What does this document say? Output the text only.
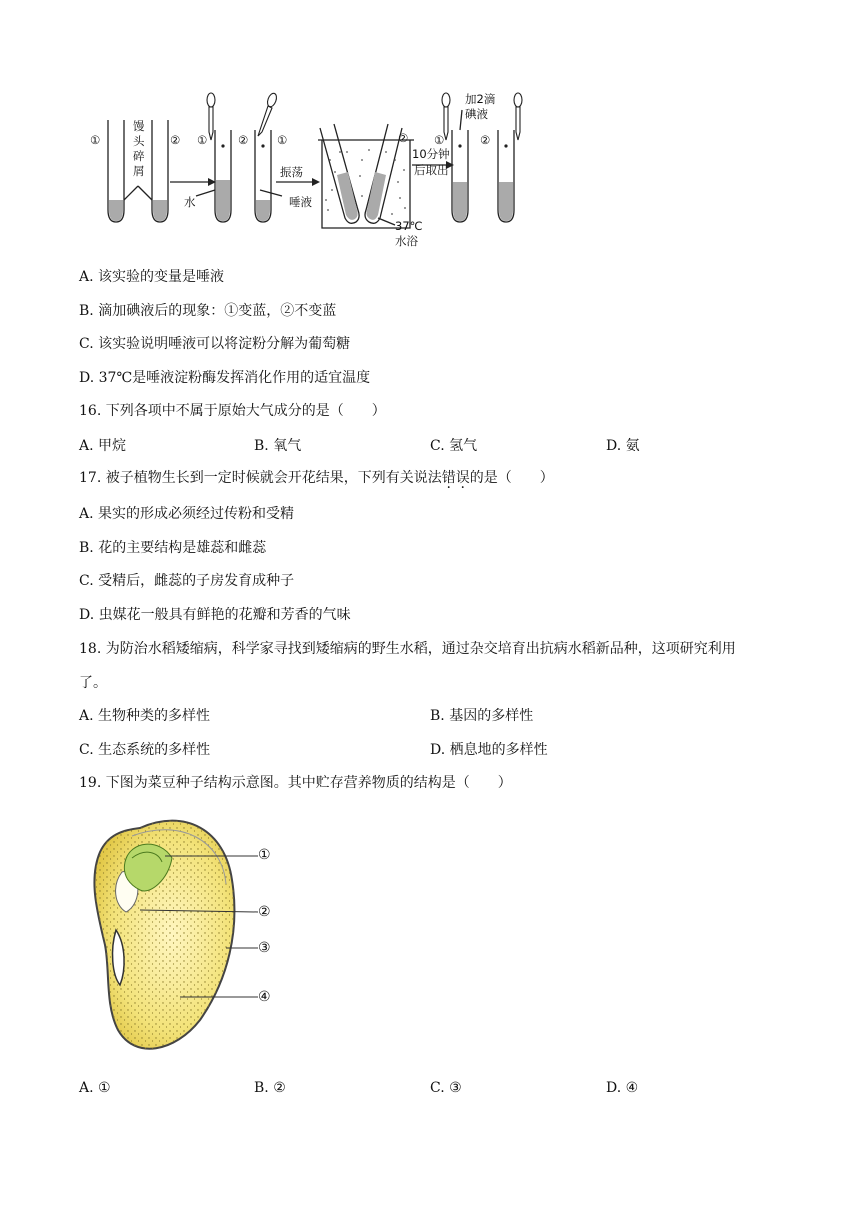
①	② ①	② ①	② ①	②
馒
头
碎
屑
水
振荡
唾液
10分钟
后取出
加2滴
碘液
37℃
水浴
A. 该实验的变量是唾液
B. 滴加碘液后的现象：①变蓝，②不变蓝
C. 该实验说明唾液可以将淀粉分解为葡萄糖
D. 37℃是唾液淀粉酶发挥消化作用的适宜温度
16. 下列各项中不属于原始大气成分的是（　　）
A. 甲烷	B. 氧气	C. 氢气	D. 氨
17. 被子植物生长到一定时候就会开花结果，下列有关说法错误的是（　　）
A. 果实的形成必须经过传粉和受精
B. 花的主要结构是雄蕊和雌蕊
C. 受精后，雌蕊的子房发育成种子
D. 虫媒花一般具有鲜艳的花瓣和芳香的气味
18. 为防治水稻矮缩病，科学家寻找到矮缩病的野生水稻，通过杂交培育出抗病水稻新品种，这项研究利用
了。
A. 生物种类的多样性	B. 基因的多样性
C. 生态系统的多样性	D. 栖息地的多样性
19. 下图为菜豆种子结构示意图。其中贮存营养物质的结构是（　　）
①
②
③
④
A. ①	B. ②	C. ③	D. ④
